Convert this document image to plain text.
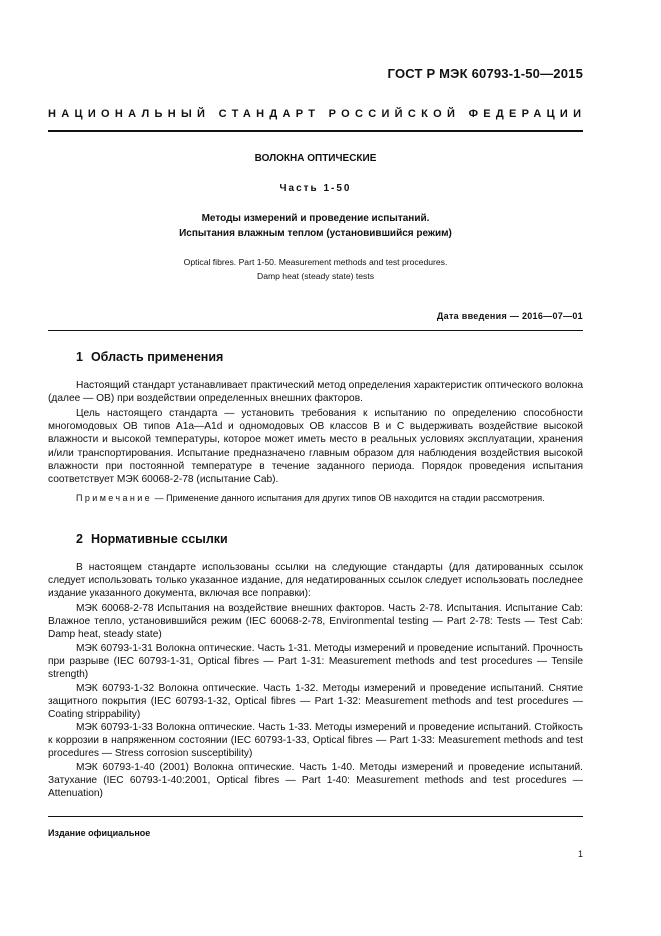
ГОСТ Р МЭК 60793-1-50—2015
НАЦИОНАЛЬНЫЙ СТАНДАРТ РОССИЙСКОЙ ФЕДЕРАЦИИ
ВОЛОКНА ОПТИЧЕСКИЕ
Часть 1-50
Методы измерений и проведение испытаний.
Испытания влажным теплом (установившийся режим)
Optical fibres. Part 1-50. Measurement methods and test procedures.
Damp heat (steady state) tests
Дата введения — 2016—07—01
1 Область применения

Настоящий стандарт устанавливает практический метод определения характеристик оптического волокна (далее — ОВ) при воздействии определенных внешних факторов.

Цель настоящего стандарта — установить требования к испытанию по определению способности многомодовых ОВ типов А1а—А1d и одномодовых ОВ классов В и С выдерживать воздействие высокой влажности и высокой температуры, которое может иметь место в реальных условиях эксплуатации, хранения и/или транспортирования. Испытание предназначено главным образом для наблюдения воздействия высокой влажности при постоянной температуре в течение заданного периода. Порядок проведения испытания соответствует МЭК 60068-2-78 (испытание Cab).

Примечание — Применение данного испытания для других типов ОВ находится на стадии рассмотрения.
2 Нормативные ссылки

В настоящем стандарте использованы ссылки на следующие стандарты (для датированных ссылок следует использовать только указанное издание, для недатированных ссылок следует использовать последнее издание указанного документа, включая все поправки):

МЭК 60068-2-78 Испытания на воздействие внешних факторов. Часть 2-78. Испытания. Испытание Cab: Влажное тепло, установившийся режим (IEC 60068-2-78, Environmental testing — Part 2-78: Tests — Test Cab: Damp heat, steady state)

МЭК 60793-1-31 Волокна оптические. Часть 1-31. Методы измерений и проведение испытаний. Прочность при разрыве (IEC 60793-1-31, Optical fibres — Part 1-31: Measurement methods and test procedures — Tensile strength)

МЭК 60793-1-32 Волокна оптические. Часть 1-32. Методы измерений и проведение испытаний. Снятие защитного покрытия (IEC 60793-1-32, Optical fibres — Part 1-32: Measurement methods and test procedures — Coating strippability)

МЭК 60793-1-33 Волокна оптические. Часть 1-33. Методы измерений и проведение испытаний. Стойкость к коррозии в напряженном состоянии (IEC 60793-1-33, Optical fibres — Part 1-33: Measurement methods and test procedures — Stress corrosion susceptibility)

МЭК 60793-1-40 (2001) Волокна оптические. Часть 1-40. Методы измерений и проведение испытаний. Затухание (IEC 60793-1-40:2001, Optical fibres — Part 1-40: Measurement methods and test procedures — Attenuation)

Издание официальное
1
